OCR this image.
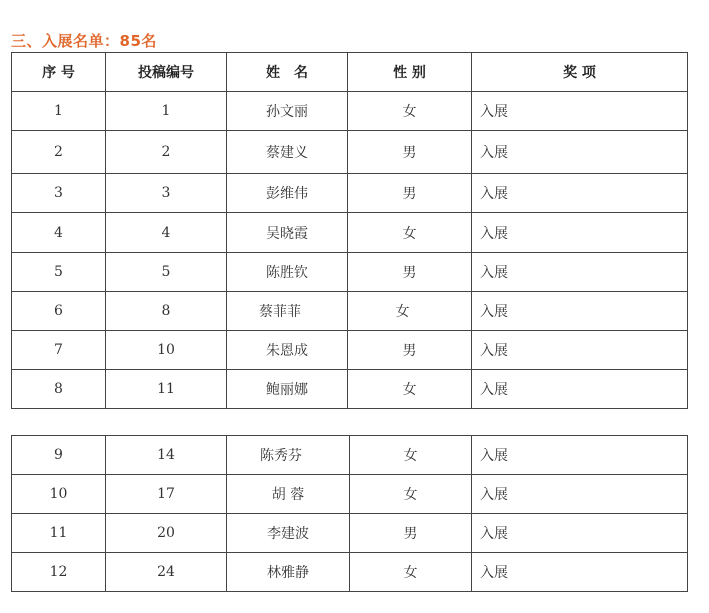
三、入展名单：85名
序 号	投稿编号	姓　名	性 别	奖 项
1	1	孙文丽	女	入展
2	2	蔡建义	男	入展
3	3	彭维伟	男	入展
4	4	吴晓霞	女	入展
5	5	陈胜钦	男	入展
6	8	蔡菲菲	女	入展
7	10	朱恩成	男	入展
8	11	鲍丽娜	女	入展
9	14	陈秀芬	女	入展
10	17	胡 蓉	女	入展
11	20	李建波	男	入展
12	24	林雅静	女	入展
